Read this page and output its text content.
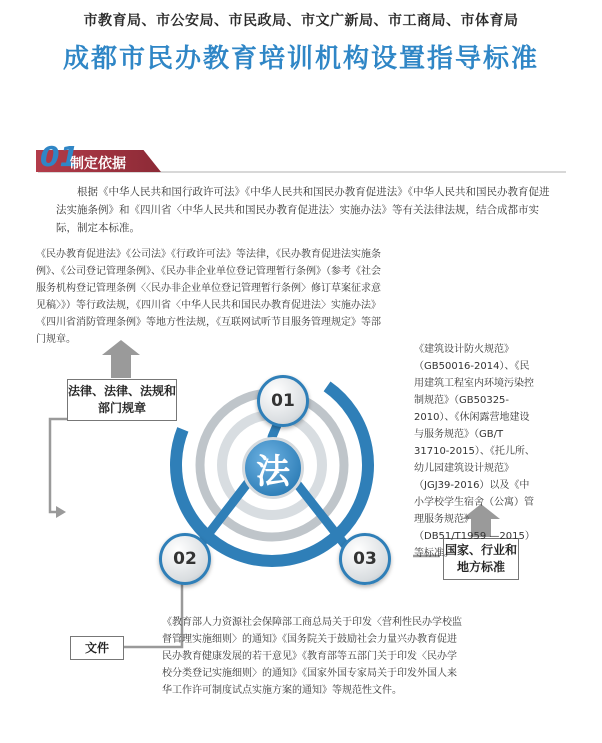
市教育局、市公安局、市民政局、市文广新局、市工商局、市体育局
成都市民办教育培训机构设置指导标准
01
制定依据
根据《中华人民共和国行政许可法》《中华人民共和国民办教育促进法》《中华人民共和国民办教育促进法实施条例》和《四川省〈中华人民共和国民办教育促进法〉实施办法》等有关法律法规，结合成都市实际，制定本标准。
法
01
02	03
法律、法律、法规和部门规章
国家、行业和地方标准
文件
《民办教育促进法》《公司法》《行政许可法》等法律，《民办教育促进法实施条例》、《公司登记管理条例》、《民办非企业单位登记管理暂行条例》（参考《社会服务机构登记管理条例〈〈民办非企业单位登记管理暂行条例〉修订草案征求意见稿〉》）等行政法规，《四川省〈中华人民共和国民办教育促进法〉实施办法》《四川省消防管理条例》等地方性法规，《互联网试听节目服务管理规定》等部门规章。
《建筑设计防火规范》（GB50016-2014）、《民用建筑工程室内环境污染控制规范》（GB50325-2010）、《休闲露营地建设与服务规范》（GB/T 31710-2015）、《托儿所、幼儿园建筑设计规范》（JGJ39-2016）以及《中小学校学生宿舍（公寓）管理服务规范》（DB51/T1959 —2015）等标准。
《教育部人力资源社会保障部工商总局关于印发〈营利性民办学校监督管理实施细则〉的通知》《国务院关于鼓励社会力量兴办教育促进民办教育健康发展的若干意见》《教育部等五部门关于印发〈民办学校分类登记实施细则〉的通知》《国家外国专家局关于印发外国人来华工作许可制度试点实施方案的通知》等规范性文件。
